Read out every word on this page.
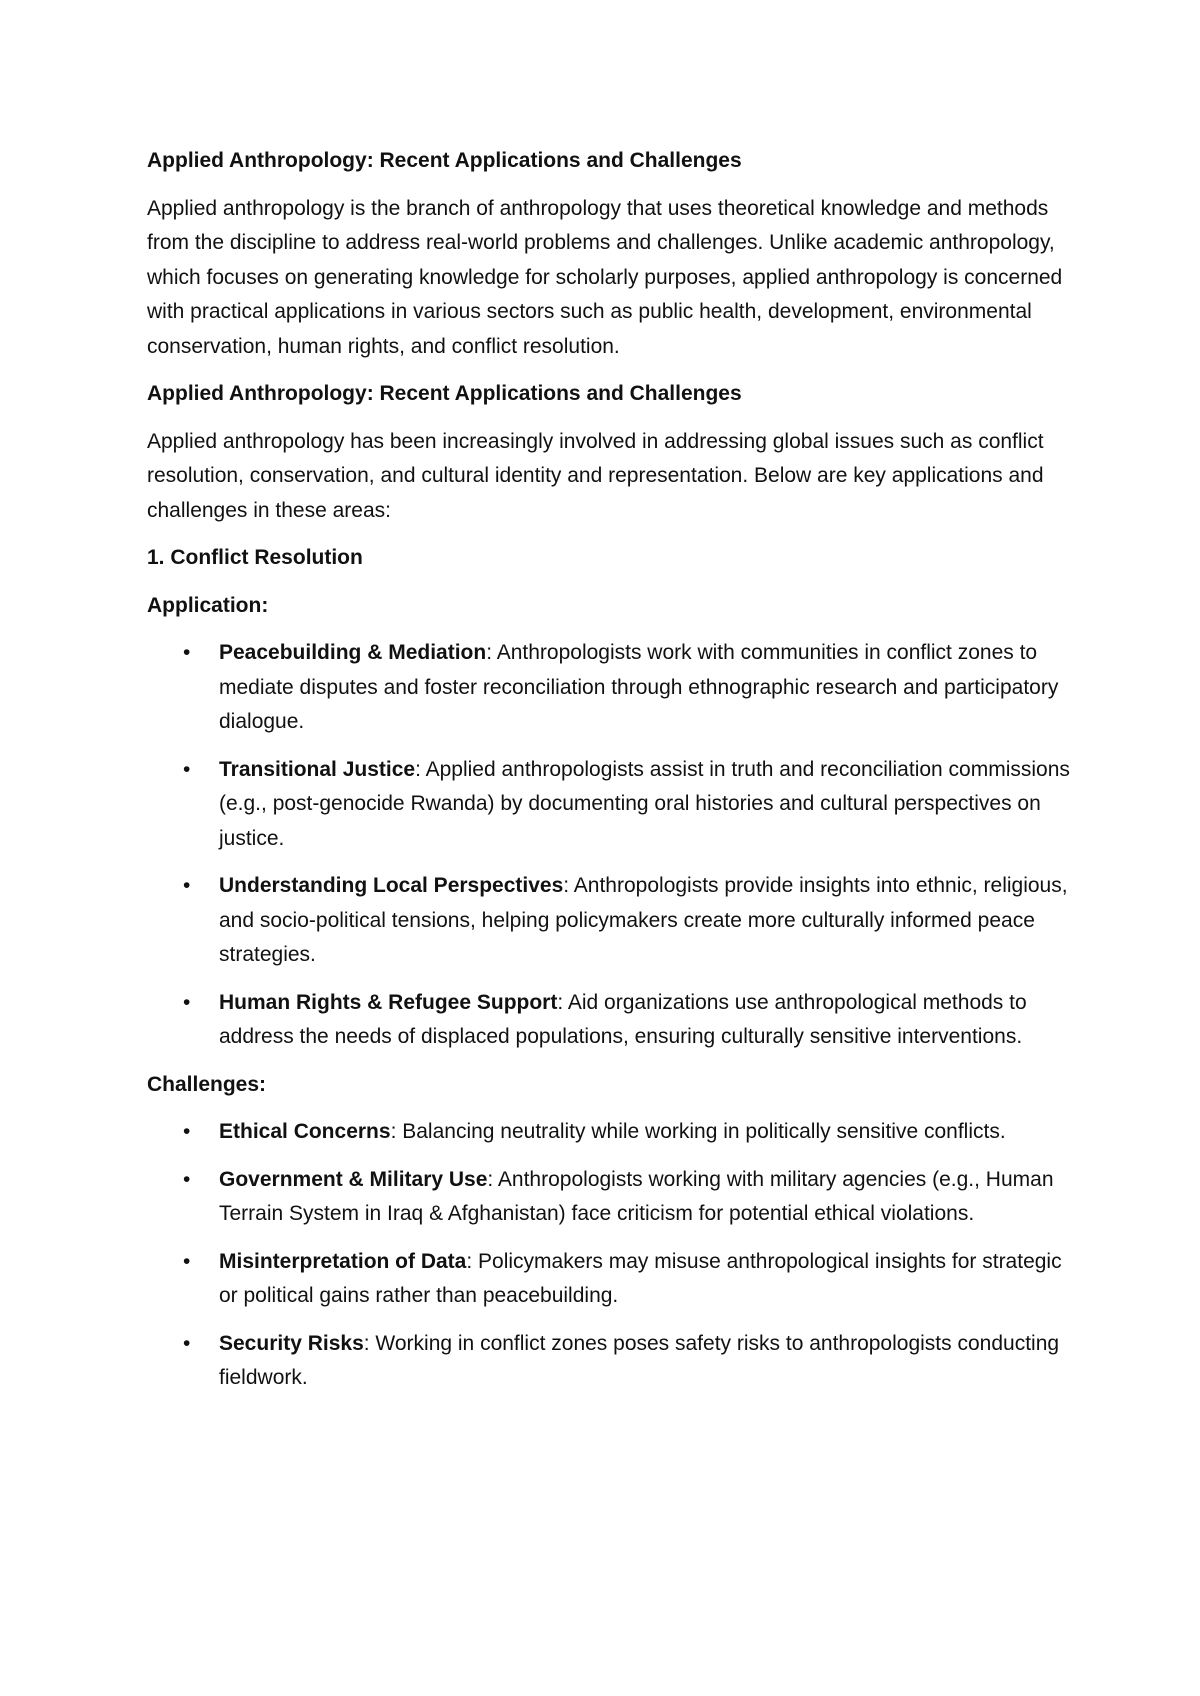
Applied Anthropology: Recent Applications and Challenges

Applied anthropology is the branch of anthropology that uses theoretical knowledge and methods from the discipline to address real-world problems and challenges. Unlike academic anthropology, which focuses on generating knowledge for scholarly purposes, applied anthropology is concerned with practical applications in various sectors such as public health, development, environmental conservation, human rights, and conflict resolution.

Applied Anthropology: Recent Applications and Challenges

Applied anthropology has been increasingly involved in addressing global issues such as conflict resolution, conservation, and cultural identity and representation. Below are key applications and challenges in these areas:

1. Conflict Resolution

Application:

• Peacebuilding & Mediation: Anthropologists work with communities in conflict zones to mediate disputes and foster reconciliation through ethnographic research and participatory dialogue.
• Transitional Justice: Applied anthropologists assist in truth and reconciliation commissions (e.g., post-genocide Rwanda) by documenting oral histories and cultural perspectives on justice.
• Understanding Local Perspectives: Anthropologists provide insights into ethnic, religious, and socio-political tensions, helping policymakers create more culturally informed peace strategies.
• Human Rights & Refugee Support: Aid organizations use anthropological methods to address the needs of displaced populations, ensuring culturally sensitive interventions.

Challenges:

• Ethical Concerns: Balancing neutrality while working in politically sensitive conflicts.
• Government & Military Use: Anthropologists working with military agencies (e.g., Human Terrain System in Iraq & Afghanistan) face criticism for potential ethical violations.
• Misinterpretation of Data: Policymakers may misuse anthropological insights for strategic or political gains rather than peacebuilding.
• Security Risks: Working in conflict zones poses safety risks to anthropologists conducting fieldwork.
